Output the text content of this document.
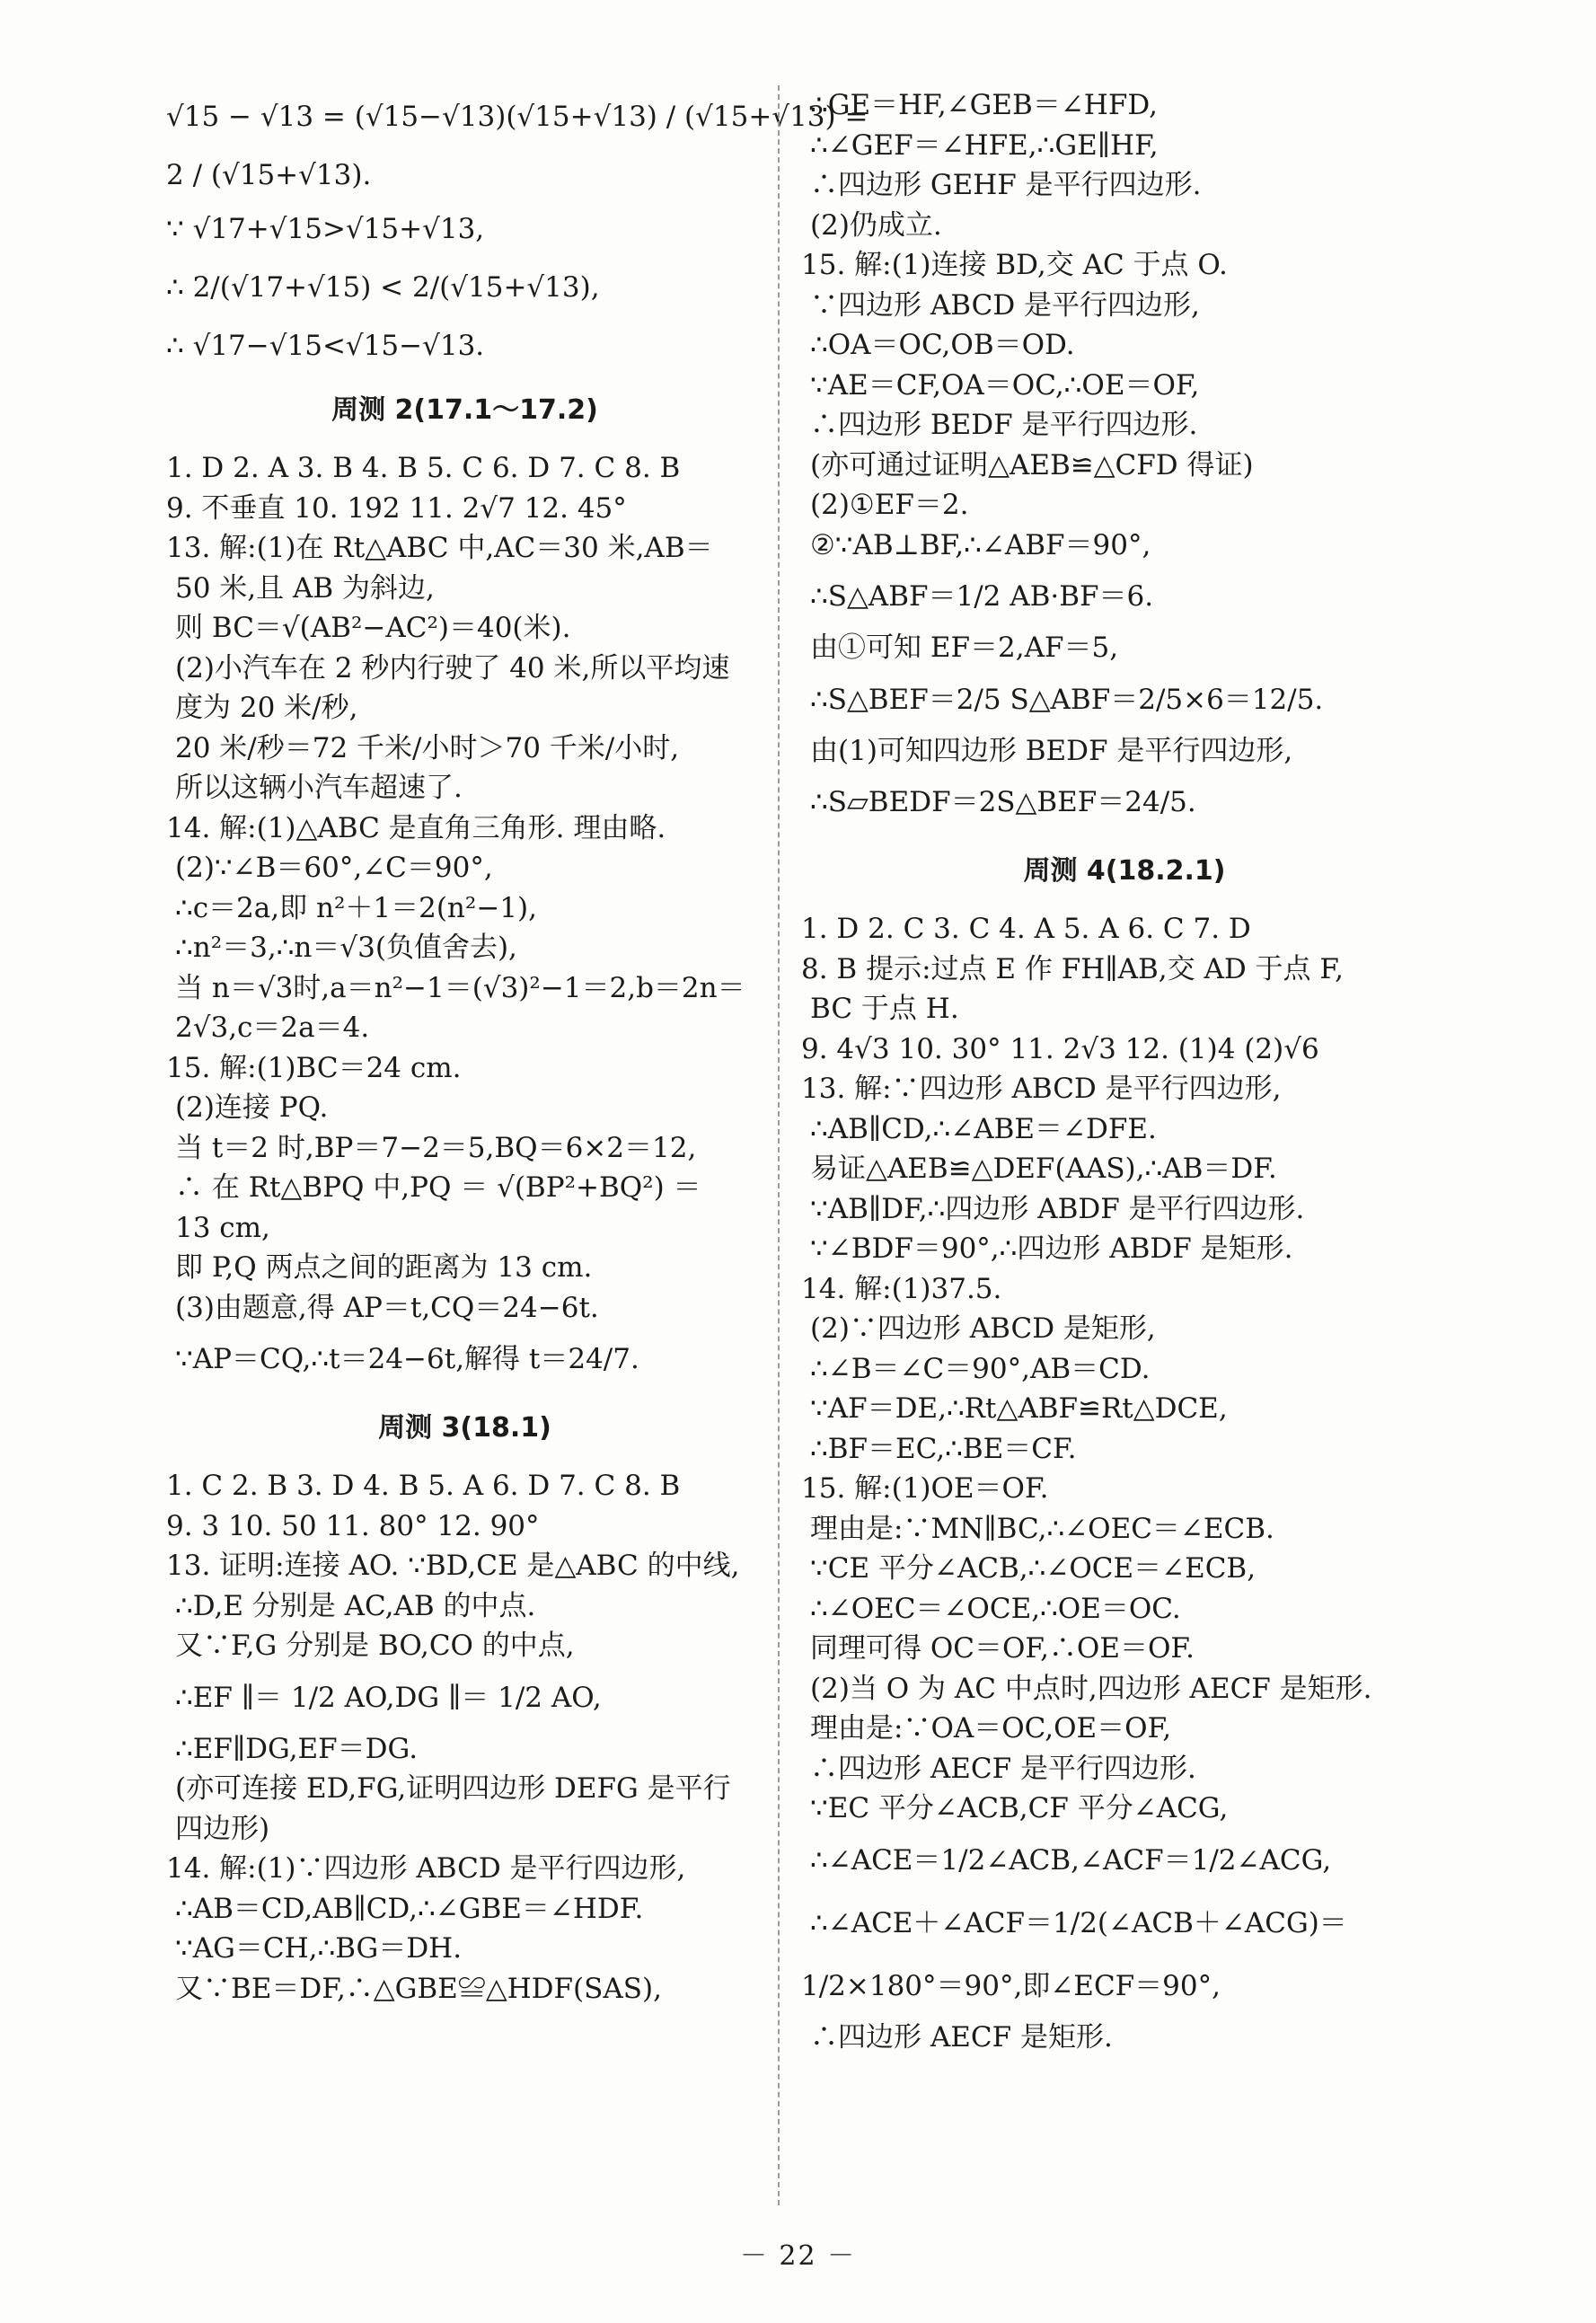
√15 − √13 = (√15−√13)(√15+√13) / (√15+√13) =
2 / (√15+√13).
∵ √17+√15>√15+√13,
∴ 2/(√17+√15) < 2/(√15+√13),
∴ √17−√15<√15−√13.
周测 2(17.1～17.2)
1. D 2. A 3. B 4. B 5. C 6. D 7. C 8. B
9. 不垂直 10. 192 11. 2√7 12. 45°
13. 解:(1)在 Rt△ABC 中,AC＝30 米,AB＝
50 米,且 AB 为斜边,
则 BC＝√(AB²−AC²)＝40(米).
(2)小汽车在 2 秒内行驶了 40 米,所以平均速
度为 20 米/秒,
20 米/秒＝72 千米/小时＞70 千米/小时,
所以这辆小汽车超速了.
14. 解:(1)△ABC 是直角三角形. 理由略.
(2)∵∠B＝60°,∠C＝90°,
∴c＝2a,即 n²＋1＝2(n²−1),
∴n²＝3,∴n＝√3(负值舍去),
当 n＝√3时,a＝n²−1＝(√3)²−1＝2,b＝2n＝
2√3,c＝2a＝4.
15. 解:(1)BC＝24 cm.
(2)连接 PQ.
当 t＝2 时,BP＝7−2＝5,BQ＝6×2＝12,
∴ 在 Rt△BPQ 中,PQ ＝ √(BP²+BQ²) ＝
13 cm,
即 P,Q 两点之间的距离为 13 cm.
(3)由题意,得 AP＝t,CQ＝24−6t.
∵AP＝CQ,∴t＝24−6t,解得 t＝24/7.
周测 3(18.1)
1. C 2. B 3. D 4. B 5. A 6. D 7. C 8. B
9. 3 10. 50 11. 80° 12. 90°
13. 证明:连接 AO. ∵BD,CE 是△ABC 的中线,
∴D,E 分别是 AC,AB 的中点.
又∵F,G 分别是 BO,CO 的中点,
∴EF ∥＝ 1/2 AO,DG ∥＝ 1/2 AO,
∴EF∥DG,EF＝DG.
(亦可连接 ED,FG,证明四边形 DEFG 是平行
四边形)
14. 解:(1)∵四边形 ABCD 是平行四边形,
∴AB＝CD,AB∥CD,∴∠GBE＝∠HDF.
∵AG＝CH,∴BG＝DH.
又∵BE＝DF,∴△GBE≌△HDF(SAS),
∴GE＝HF,∠GEB＝∠HFD,
∴∠GEF＝∠HFE,∴GE∥HF,
∴四边形 GEHF 是平行四边形.
(2)仍成立.
15. 解:(1)连接 BD,交 AC 于点 O.
∵四边形 ABCD 是平行四边形,
∴OA＝OC,OB＝OD.
∵AE＝CF,OA＝OC,∴OE＝OF,
∴四边形 BEDF 是平行四边形.
(亦可通过证明△AEB≌△CFD 得证)
(2)①EF＝2.
②∵AB⊥BF,∴∠ABF＝90°,
∴S△ABF＝1/2 AB·BF＝6.
由①可知 EF＝2,AF＝5,
∴S△BEF＝2/5 S△ABF＝2/5×6＝12/5.
由(1)可知四边形 BEDF 是平行四边形,
∴S▱BEDF＝2S△BEF＝24/5.
周测 4(18.2.1)
1. D 2. C 3. C 4. A 5. A 6. C 7. D
8. B 提示:过点 E 作 FH∥AB,交 AD 于点 F,
BC 于点 H.
9. 4√3 10. 30° 11. 2√3 12. (1)4 (2)√6
13. 解:∵四边形 ABCD 是平行四边形,
∴AB∥CD,∴∠ABE＝∠DFE.
易证△AEB≌△DEF(AAS),∴AB＝DF.
∵AB∥DF,∴四边形 ABDF 是平行四边形.
∵∠BDF＝90°,∴四边形 ABDF 是矩形.
14. 解:(1)37.5.
(2)∵四边形 ABCD 是矩形,
∴∠B＝∠C＝90°,AB＝CD.
∵AF＝DE,∴Rt△ABF≌Rt△DCE,
∴BF＝EC,∴BE＝CF.
15. 解:(1)OE＝OF.
理由是:∵MN∥BC,∴∠OEC＝∠ECB.
∵CE 平分∠ACB,∴∠OCE＝∠ECB,
∴∠OEC＝∠OCE,∴OE＝OC.
同理可得 OC＝OF,∴OE＝OF.
(2)当 O 为 AC 中点时,四边形 AECF 是矩形.
理由是:∵OA＝OC,OE＝OF,
∴四边形 AECF 是平行四边形.
∵EC 平分∠ACB,CF 平分∠ACG,
∴∠ACE＝1/2∠ACB,∠ACF＝1/2∠ACG,
∴∠ACE＋∠ACF＝1/2(∠ACB＋∠ACG)＝
1/2×180°＝90°,即∠ECF＝90°,
∴四边形 AECF 是矩形.
－ 22 －
